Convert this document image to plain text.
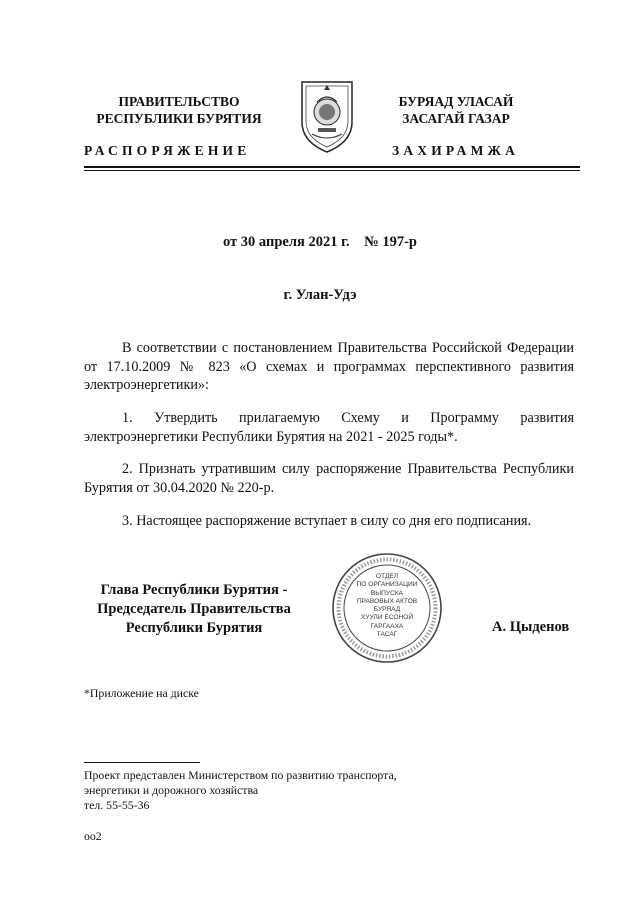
ПРАВИТЕЛЬСТВО
РЕСПУБЛИКИ БУРЯТИЯ
РАСПОРЯЖЕНИЕ
БУРЯАД УЛАСАЙ
ЗАСАГАЙ ГАЗАР
ЗАХИРАМЖА
от 30 апреля 2021 г.    № 197-р
г. Улан-Удэ
В соответствии с постановлением Правительства Российской Федерации от 17.10.2009 № 823 «О схемах и программах перспективного развития электроэнергетики»:
1. Утвердить прилагаемую Схему и Программу развития электроэнергетики Республики Бурятия на 2021 - 2025 годы*.
2. Признать утратившим силу распоряжение Правительства Республики Бурятия от 30.04.2020 № 220-р.
3. Настоящее распоряжение вступает в силу со дня его подписания.
Глава Республики Бурятия -
Председатель Правительства
Республики Бурятия	А. Цыденов
ОТДЕЛ
ПО ОРГАНИЗАЦИИ
ВЫПУСКА
ПРАВОВЫХ АКТОВ
БУРЯАД
ХУУЛИ ЁСОНОЙ
ГАРГААХА
ТАСАГ
*Приложение на диске
Проект представлен Министерством по развитию транспорта,
энергетики и дорожного хозяйства
тел. 55-55-36
оо2
